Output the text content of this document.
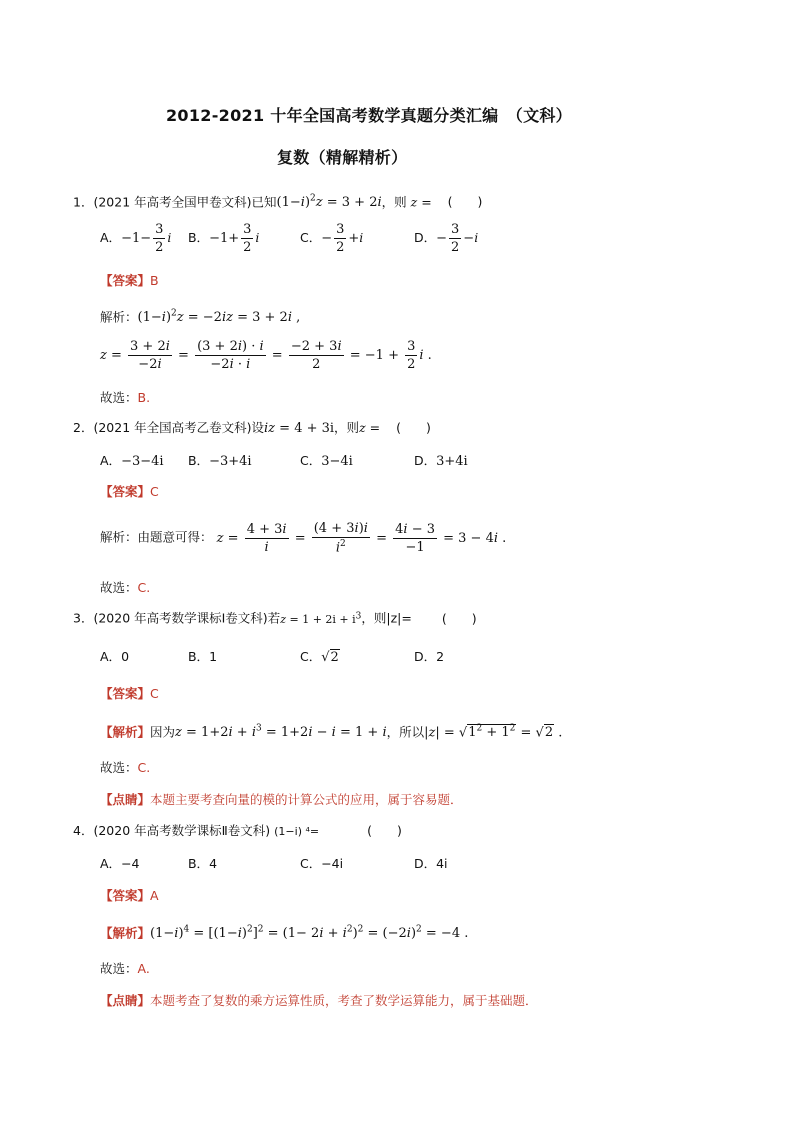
2012-2021 十年全国高考数学真题分类汇编　（文科）
复数（精解精析）
1．(2021 年高考全国甲卷文科)已知$(1-i)^2z = 3 + 2i$，则 z = (　　)
A．$-1- \frac{3}{2}$ i B．$-1+ \frac{3}{2}$ i	C．− $\frac{3}{2} +i$	D．− $\frac{3}{2} -i$
【答案】B
解析：$(1-i)^2z = -2iz = 3 + 2i$ ,
$z = \frac{3 + 2i}{-2i} = \frac{(3 + 2i) \cdot i}{-2i \cdot i} = \frac{-2 + 3i}{2} = -1 + \frac{3}{2}$ i .
故选：B.
2．(2021 年全国高考乙卷文科)设iz = 4 + 3i，则z = (　　)
A．−3−4i B．−3+4i	C．3−4i	D．3+4i
【答案】C
解析：由题意可得： $z = \frac{4 + 3i}{i} = \frac{(4 + 3i)i}{i^2} = \frac{4i - 3}{-1} = 3 - 4i$ .
故选：C.
3．(2020 年高考数学课标Ⅰ卷文科)若$z = 1 + 2i + i^3$，则|z|= (　　)
A．0	B．1	C．√2	D．2
【答案】C
【解析】因为$z = 1+2i + i^3 = 1+2i - i = 1 + i$，所以$|z| = √1^2 + 1^2 = √2$ .
故选：C.
【点睛】本题主要考查向量的模的计算公式的应用，属于容易题．
4．(2020 年高考数学课标Ⅱ卷文科) (1−i) ⁴=	(　　)
A．−4	B．4	C．−4i	D．4i
【答案】A
【解析】$(1-i)^4 = [(1-i)^2]^2 = (1- 2i + i^2)^2 = (-2i)^2 = -4$ .
故选：A.
【点睛】本题考查了复数的乘方运算性质，考查了数学运算能力，属于基础题．
